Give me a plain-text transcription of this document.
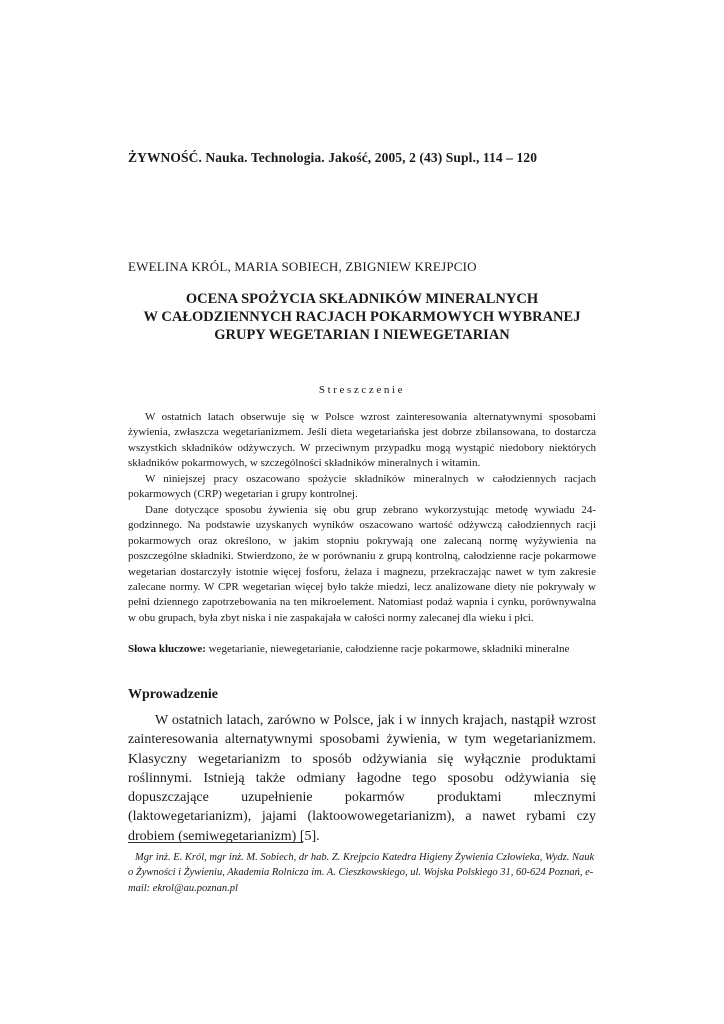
ŻYWNOŚĆ. Nauka. Technologia. Jakość, 2005, 2 (43) Supl., 114 – 120
EWELINA KRÓL, MARIA SOBIECH, ZBIGNIEW KREJPCIO
OCENA SPOŻYCIA SKŁADNIKÓW MINERALNYCH
W CAŁODZIENNYCH RACJACH POKARMOWYCH WYBRANEJ
GRUPY WEGETARIAN I NIEWEGETARIAN
Streszczenie

W ostatnich latach obserwuje się w Polsce wzrost zainteresowania alternatywnymi sposobami żywienia, zwłaszcza wegetarianizmem. Jeśli dieta wegetariańska jest dobrze zbilansowana, to dostarcza wszystkich składników odżywczych. W przeciwnym przypadku mogą wystąpić niedobory niektórych składników pokarmowych, w szczególności składników mineralnych i witamin.

W niniejszej pracy oszacowano spożycie składników mineralnych w całodziennych racjach pokarmowych (CRP) wegetarian i grupy kontrolnej.

Dane dotyczące sposobu żywienia się obu grup zebrano wykorzystując metodę wywiadu 24-godzinnego. Na podstawie uzyskanych wyników oszacowano wartość odżywczą całodziennych racji pokarmowych oraz określono, w jakim stopniu pokrywają one zalecaną normę wyżywienia na poszczególne składniki. Stwierdzono, że w porównaniu z grupą kontrolną, całodzienne racje pokarmowe wegetarian dostarczyły istotnie więcej fosforu, żelaza i magnezu, przekraczając nawet w tym zakresie zalecane normy. W CPR wegetarian więcej było także miedzi, lecz analizowane diety nie pokrywały w pełni dziennego zapotrzebowania na ten mikroelement. Natomiast podaż wapnia i cynku, porównywalna w obu grupach, była zbyt niska i nie zaspakajała w całości normy zalecanej dla wieku i płci.

Słowa kluczowe: wegetarianie, niewegetarianie, całodzienne racje pokarmowe, składniki mineralne
Wprowadzenie

W ostatnich latach, zarówno w Polsce, jak i w innych krajach, nastąpił wzrost zainteresowania alternatywnymi sposobami żywienia, w tym wegetarianizmem. Klasyczny wegetarianizm to sposób odżywiania się wyłącznie produktami roślinnymi. Istnieją także odmiany łagodne tego sposobu odżywiania się dopuszczające uzupełnienie pokarmów produktami mlecznymi (laktowegetarianizm), jajami (laktoowowegetarianizm), a nawet rybami czy drobiem (semiwegetarianizm) [5].

Mgr inż. E. Król, mgr inż. M. Sobiech, dr hab. Z. Krejpcio Katedra Higieny Żywienia Człowieka, Wydz. Nauk o Żywności i Żywieniu, Akademia Rolnicza im. A. Cieszkowskiego, ul. Wojska Polskiego 31, 60-624 Poznań, e-mail: ekrol@au.poznan.pl
